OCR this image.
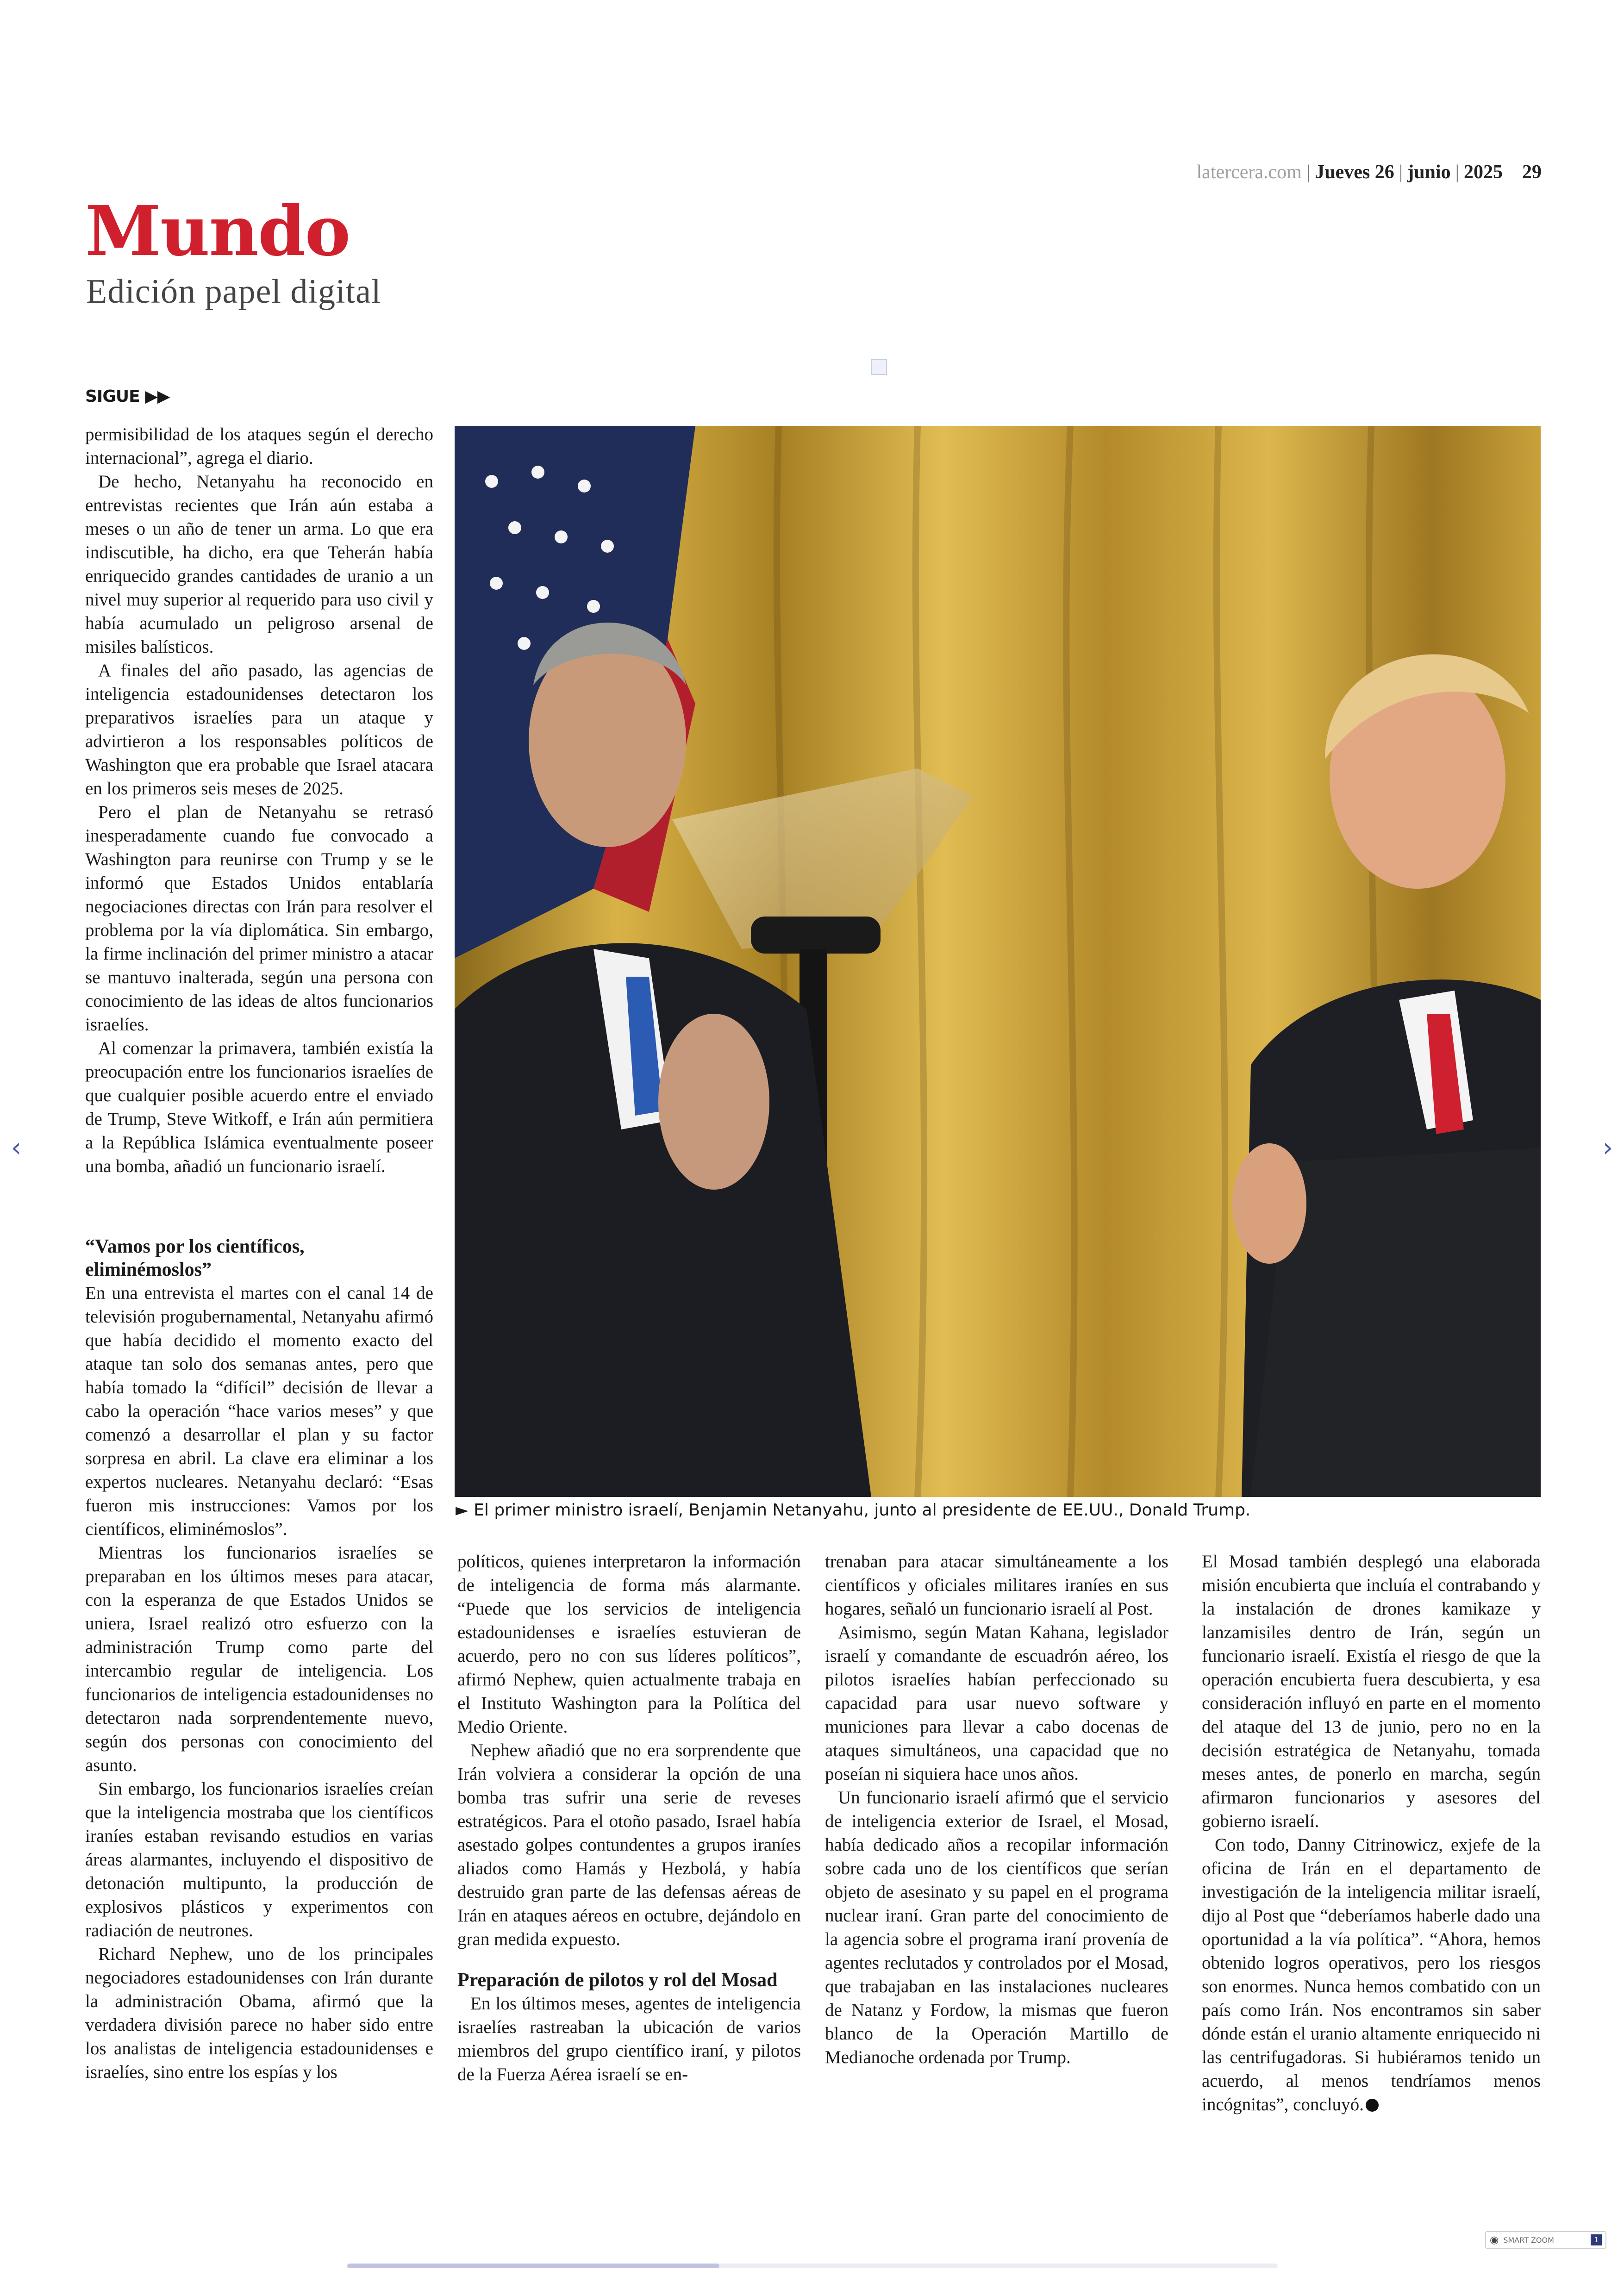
latercera.com | Jueves 26 | junio | 2025 29
Mundo
Edición papel digital
SIGUE ▶▶

permisibilidad de los ataques según el derecho internacional”, agrega el diario.

De hecho, Netanyahu ha reconocido en entrevistas recientes que Irán aún estaba a meses o un año de tener un arma. Lo que era indiscutible, ha dicho, era que Teherán había enriquecido grandes cantidades de uranio a un nivel muy superior al requerido para uso civil y había acumulado un peligroso arsenal de misiles balísticos.

A finales del año pasado, las agencias de inteligencia estadounidenses detectaron los preparativos israelíes para un ataque y advirtieron a los responsables políticos de Washington que era probable que Israel atacara en los primeros seis meses de 2025.

Pero el plan de Netanyahu se retrasó inesperadamente cuando fue convocado a Washington para reunirse con Trump y se le informó que Estados Unidos entablaría negociaciones directas con Irán para resolver el problema por la vía diplomática. Sin embargo, la firme inclinación del primer ministro a atacar se mantuvo inalterada, según una persona con conocimiento de las ideas de altos funcionarios israelíes.

Al comenzar la primavera, también existía la preocupación entre los funcionarios israelíes de que cualquier posible acuerdo entre el enviado de Trump, Steve Witkoff, e Irán aún permitiera a la República Islámica eventualmente poseer una bomba, añadió un funcionario israelí.

“Vamos por los científicos, eliminémoslos”

En una entrevista el martes con el canal 14 de televisión progubernamental, Netanyahu afirmó que había decidido el momento exacto del ataque tan solo dos semanas antes, pero que había tomado la “difícil” decisión de llevar a cabo la operación “hace varios meses” y que comenzó a desarrollar el plan y su factor sorpresa en abril. La clave era eliminar a los expertos nucleares. Netanyahu declaró: “Esas fueron mis instrucciones: Vamos por los científicos, eliminémoslos”.

Mientras los funcionarios israelíes se preparaban en los últimos meses para atacar, con la esperanza de que Estados Unidos se uniera, Israel realizó otro esfuerzo con la administración Trump como parte del intercambio regular de inteligencia. Los funcionarios de inteligencia estadounidenses no detectaron nada sorprendentemente nuevo, según dos personas con conocimiento del asunto.

Sin embargo, los funcionarios israelíes creían que la inteligencia mostraba que los científicos iraníes estaban revisando estudios en varias áreas alarmantes, incluyendo el dispositivo de detonación multipunto, la producción de explosivos plásticos y experimentos con radiación de neutrones.

Richard Nephew, uno de los principales negociadores estadounidenses con Irán durante la administración Obama, afirmó que la verdadera división parece no haber sido entre los analistas de inteligencia estadounidenses e israelíes, sino entre los espías y los

► El primer ministro israelí, Benjamin Netanyahu, junto al presidente de EE.UU., Donald Trump.

políticos, quienes interpretaron la información de inteligencia de forma más alarmante. “Puede que los servicios de inteligencia estadounidenses e israelíes estuvieran de acuerdo, pero no con sus líderes políticos”, afirmó Nephew, quien actualmente trabaja en el Instituto Washington para la Política del Medio Oriente.

Nephew añadió que no era sorprendente que Irán volviera a considerar la opción de una bomba tras sufrir una serie de reveses estratégicos. Para el otoño pasado, Israel había asestado golpes contundentes a grupos iraníes aliados como Hamás y Hezbolá, y había destruido gran parte de las defensas aéreas de Irán en ataques aéreos en octubre, dejándolo en gran medida expuesto.

Preparación de pilotos y rol del Mosad

En los últimos meses, agentes de inteligencia israelíes rastreaban la ubicación de varios miembros del grupo científico iraní, y pilotos de la Fuerza Aérea israelí se en-

trenaban para atacar simultáneamente a los científicos y oficiales militares iraníes en sus hogares, señaló un funcionario israelí al Post.

Asimismo, según Matan Kahana, legislador israelí y comandante de escuadrón aéreo, los pilotos israelíes habían perfeccionado su capacidad para usar nuevo software y municiones para llevar a cabo docenas de ataques simultáneos, una capacidad que no poseían ni siquiera hace unos años.

Un funcionario israelí afirmó que el servicio de inteligencia exterior de Israel, el Mosad, había dedicado años a recopilar información sobre cada uno de los científicos que serían objeto de asesinato y su papel en el programa nuclear iraní. Gran parte del conocimiento de la agencia sobre el programa iraní provenía de agentes reclutados y controlados por el Mosad, que trabajaban en las instalaciones nucleares de Natanz y Fordow, la mismas que fueron blanco de la Operación Martillo de Medianoche ordenada por Trump.

El Mosad también desplegó una elaborada misión encubierta que incluía el contrabando y la instalación de drones kamikaze y lanzamisiles dentro de Irán, según un funcionario israelí. Existía el riesgo de que la operación encubierta fuera descubierta, y esa consideración influyó en parte en el momento del ataque del 13 de junio, pero no en la decisión estratégica de Netanyahu, tomada meses antes, de ponerlo en marcha, según afirmaron funcionarios y asesores del gobierno israelí.

Con todo, Danny Citrinowicz, exjefe de la oficina de Irán en el departamento de investigación de la inteligencia militar israelí, dijo al Post que “deberíamos haberle dado una oportunidad a la vía política”. “Ahora, hemos obtenido logros operativos, pero los riesgos son enormes. Nunca hemos combatido con un país como Irán. Nos encontramos sin saber dónde están el uranio altamente enriquecido ni las centrifugadoras. Si hubiéramos tenido un acuerdo, al menos tendríamos menos incógnitas”, concluyó.

‹	›
◉ SMART ZOOM	1
